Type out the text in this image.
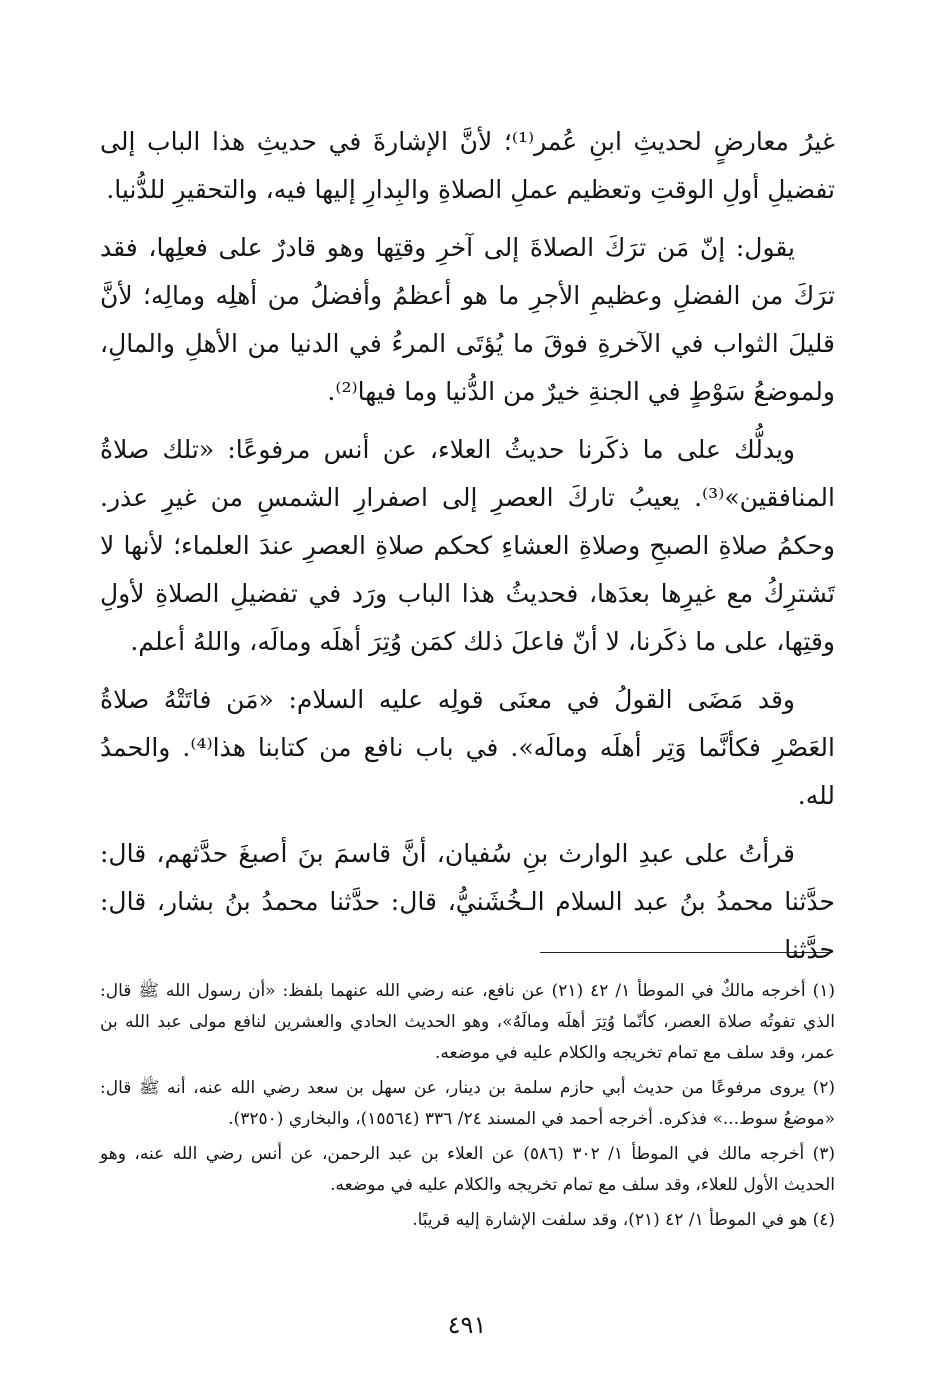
غيرُ معارضٍ لحديثِ ابنِ عُمر⁽¹⁾؛ لأنَّ الإشارةَ في حديثِ هذا الباب إلى تفضيلِ أولِ الوقتِ وتعظيم عملِ الصلاةِ والبِدارِ إليها فيه، والتحقيرِ للدُّنيا.

يقول: إنّ مَن ترَكَ الصلاةَ إلى آخرِ وقتِها وهو قادرٌ على فعلِها، فقد ترَكَ من الفضلِ وعظيمِ الأجرِ ما هو أعظمُ وأفضلُ من أهلِه ومالِه؛ لأنَّ قليلَ الثواب في الآخرةِ فوقَ ما يُؤتَى المرءُ في الدنيا من الأهلِ والمالِ، ولموضعُ سَوْطٍ في الجنةِ خيرٌ من الدُّنيا وما فيها⁽²⁾.

ويدلُّك على ما ذكَرنا حديثُ العلاء، عن أنس مرفوعًا: «تلك صلاةُ المنافقين»⁽³⁾. يعيبُ تاركَ العصرِ إلى اصفرارِ الشمسِ من غيرِ عذر. وحكمُ صلاةِ الصبحِ وصلاةِ العشاءِ كحكم صلاةِ العصرِ عندَ العلماء؛ لأنها لا تَشترِكُ مع غيرِها بعدَها، فحديثُ هذا الباب ورَد في تفضيلِ الصلاةِ لأولِ وقتِها، على ما ذكَرنا، لا أنّ فاعلَ ذلك كمَن وُتِرَ أهلَه ومالَه، واللهُ أعلم.

وقد مَضَى القولُ في معنَى قولِه عليه السلام: «مَن فاتَتْهُ صلاةُ العَصْرِ فكأنَّما وَتِر أهلَه ومالَه». في باب نافع من كتابنا هذا⁽⁴⁾. والحمدُ لله.

قرأتُ على عبدِ الوارث بنِ سُفيان، أنَّ قاسمَ بنَ أصبغَ حدَّثهم، قال: حدَّثنا محمدُ بنُ عبد السلام الـخُشَنيُّ، قال: حدَّثنا محمدُ بنُ بشار، قال: حدَّثنا

(١) أخرجه مالكٌ في الموطأ ١/ ٤٢ (٢١) عن نافع، عنه رضي الله عنهما بلفظ: «أن رسول الله ﷺ قال: الذي تفوتُه صلاة العصر، كأنّما وُتِرَ أهلَه ومالَهُ»، وهو الحديث الحادي والعشرين لنافع مولى عبد الله بن عمر، وقد سلف مع تمام تخريجه والكلام عليه في موضعه.

(٢) يروى مرفوعًا من حديث أبي حازم سلمة بن دينار، عن سهل بن سعد رضي الله عنه، أنه ﷺ قال: «موضعُ سوط...» فذكره. أخرجه أحمد في المسند ٢٤/ ٣٣٦ (١٥٥٦٤)، والبخاري (٣٢٥٠).

(٣) أخرجه مالك في الموطأ ١/ ٣٠٢ (٥٨٦) عن العلاء بن عبد الرحمن، عن أنس رضي الله عنه، وهو الحديث الأول للعلاء، وقد سلف مع تمام تخريجه والكلام عليه في موضعه.

(٤) هو في الموطأ ١/ ٤٢ (٢١)، وقد سلفت الإشارة إليه قريبًا.

٤٩١
